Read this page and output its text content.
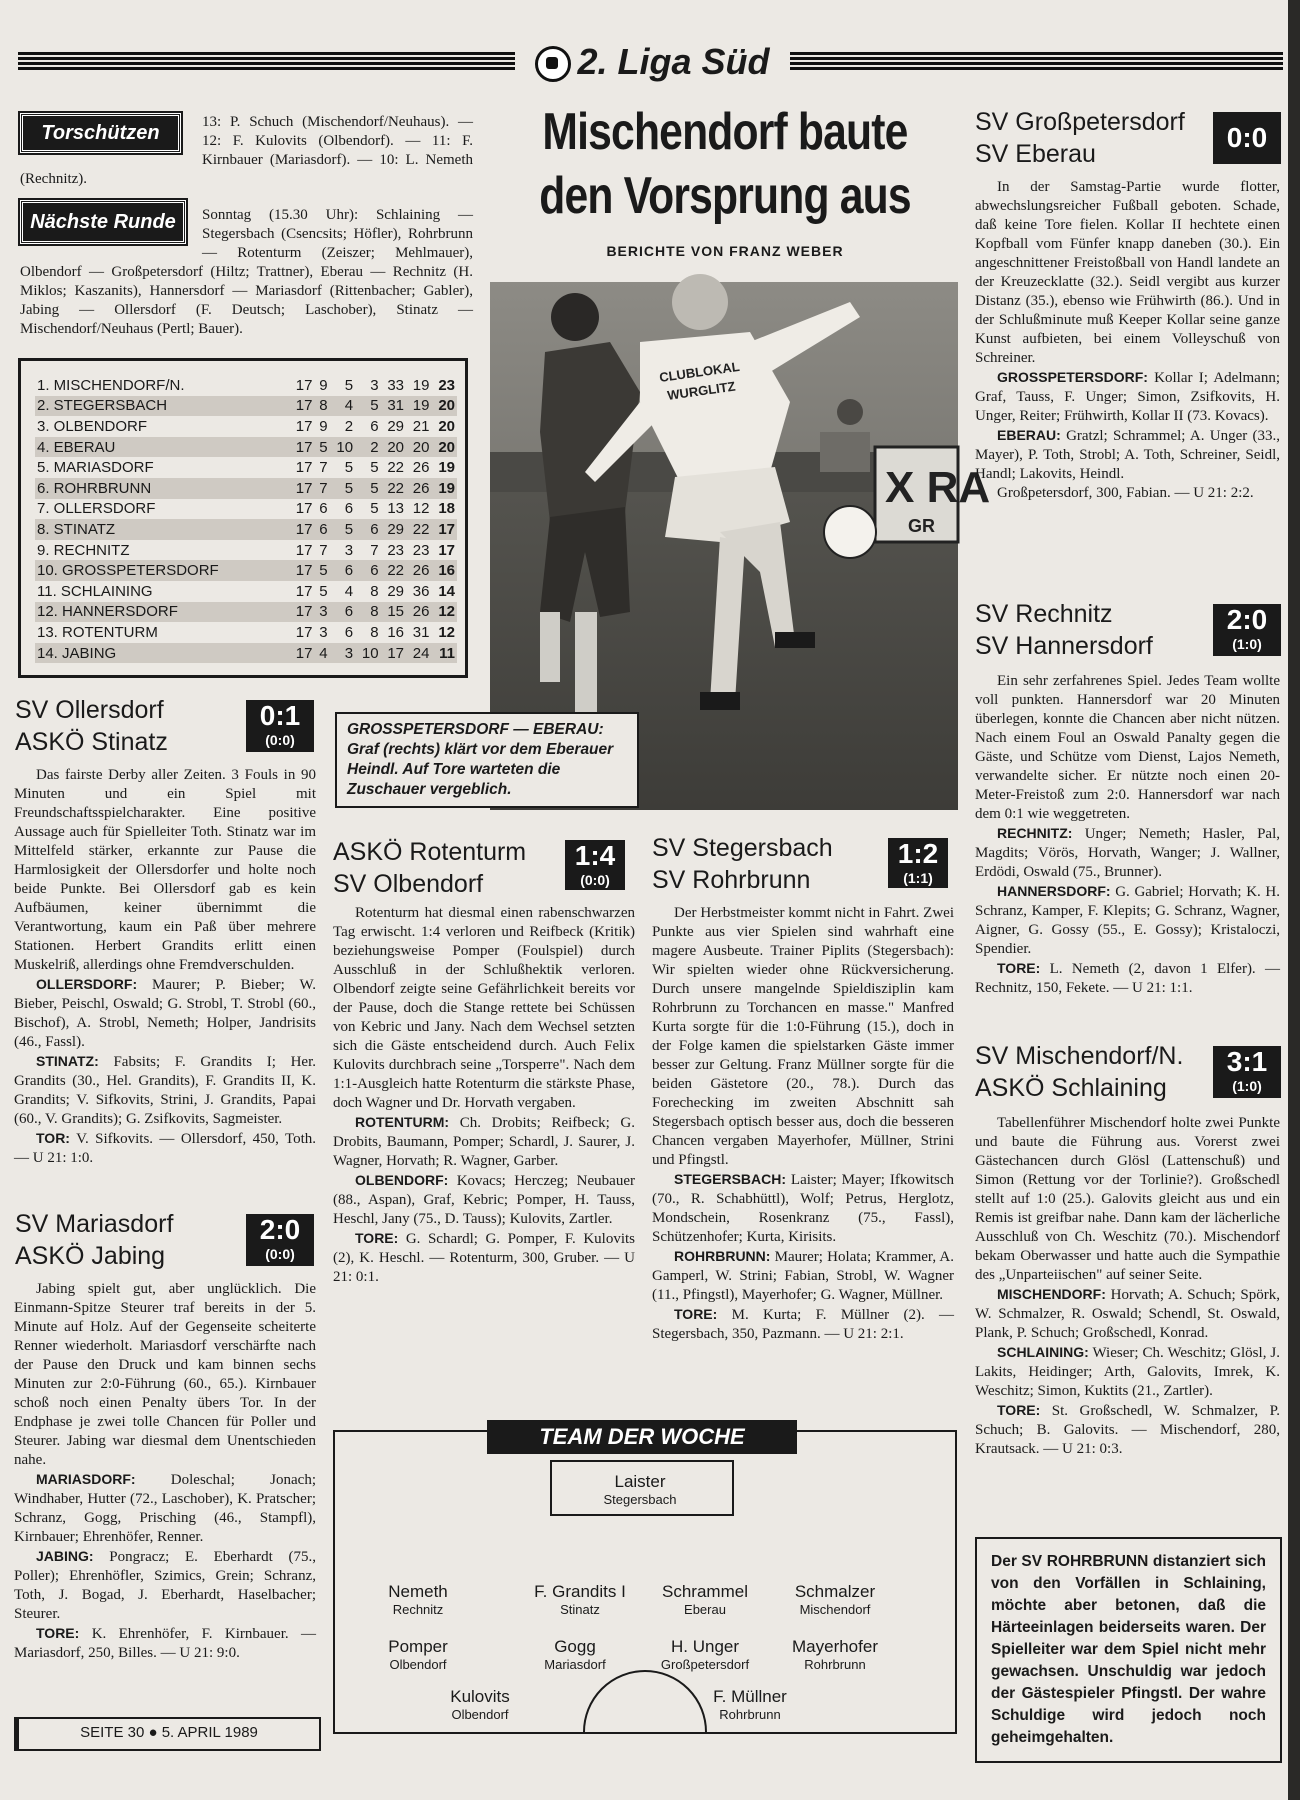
2. Liga Süd
Torschützen	13: P. Schuch (Mischendorf/Neuhaus). — 12: F. Kulovits (Olbendorf). — 11: F. Kirnbauer (Mariasdorf). — 10: L. Nemeth (Rechnitz).
Nächste Runde	Sonntag (15.30 Uhr): Schlaining — Stegersbach (Csencsits; Höfler), Rohrbrunn — Rotenturm (Zeiszer; Mehlmauer), Olbendorf — Großpetersdorf (Hiltz; Trattner), Eberau — Rechnitz (H. Miklos; Kaszanits), Hannersdorf — Mariasdorf (Rittenbacher; Gabler), Jabing — Ollersdorf (F. Deutsch; Laschober), Stinatz — Mischendorf/Neuhaus (Pertl; Bauer).
1. MISCHENDORF/N.	17	9	5	3	33	19	23
2. STEGERSBACH	17	8	4	5	31	19	20
3. OLBENDORF	17	9	2	6	29	21	20
4. EBERAU	17	5	10	2	20	20	20
5. MARIASDORF	17	7	5	5	22	26	19
6. ROHRBRUNN	17	7	5	5	22	26	19
7. OLLERSDORF	17	6	6	5	13	12	18
8. STINATZ	17	6	5	6	29	22	17
9. RECHNITZ	17	7	3	7	23	23	17
10. GROSSPETERSDORF	17	5	6	6	22	26	16
11. SCHLAINING	17	5	4	8	29	36	14
12. HANNERSDORF	17	3	6	8	15	26	12
13. ROTENTURM	17	3	6	8	16	31	12
14. JABING	17	4	3	10	17	24	11
Mischendorf baute den Vorsprung aus
BERICHTE VON FRANZ WEBER
X RA
GR
CLUBLOKAL
WURGLITZ
GROSSPETERSDORF — EBERAU: Graf (rechts) klärt vor dem Eberauer Heindl. Auf Tore warteten die Zuschauer vergeblich.
SV Ollersdorf
ASKÖ Stinatz
0:1
(0:0)

Das fairste Derby aller Zeiten. 3 Fouls in 90 Minuten und ein Spiel mit Freundschaftsspielcharakter. Eine positive Aussage auch für Spielleiter Toth. Stinatz war im Mittelfeld stärker, erkannte zur Pause die Harmlosigkeit der Ollersdorfer und holte noch beide Punkte. Bei Ollersdorf gab es kein Aufbäumen, keiner übernimmt die Verantwortung, kaum ein Paß über mehrere Stationen. Herbert Grandits erlitt einen Muskelriß, allerdings ohne Fremdverschulden.

OLLERSDORF: Maurer; P. Bieber; W. Bieber, Peischl, Oswald; G. Strobl, T. Strobl (60., Bischof), A. Strobl, Nemeth; Holper, Jandrisits (46., Fassl).

STINATZ: Fabsits; F. Grandits I; Her. Grandits (30., Hel. Grandits), F. Grandits II, K. Grandits; V. Sifkovits, Strini, J. Grandits, Papai (60., V. Grandits); G. Zsifkovits, Sagmeister.

TOR: V. Sifkovits. — Ollersdorf, 450, Toth. — U 21: 1:0.

SV Mariasdorf
ASKÖ Jabing
2:0
(0:0)

Jabing spielt gut, aber unglücklich. Die Einmann-Spitze Steurer traf bereits in der 5. Minute auf Holz. Auf der Gegenseite scheiterte Renner wiederholt. Mariasdorf verschärfte nach der Pause den Druck und kam binnen sechs Minuten zur 2:0-Führung (60., 65.). Kirnbauer schoß noch einen Penalty übers Tor. In der Endphase je zwei tolle Chancen für Poller und Steurer. Jabing war diesmal dem Unentschieden nahe.

MARIASDORF: Doleschal; Jonach; Windhaber, Hutter (72., Laschober), K. Pratscher; Schranz, Gogg, Prisching (46., Stampfl), Kirnbauer; Ehrenhöfer, Renner.

JABING: Pongracz; E. Eberhardt (75., Poller); Ehrenhöfler, Szimics, Grein; Schranz, Toth, J. Bogad, J. Eberhardt, Haselbacher; Steurer.

TORE: K. Ehrenhöfer, F. Kirnbauer. — Mariasdorf, 250, Billes. — U 21: 9:0.

SEITE 30 ● 5. APRIL 1989
ASKÖ Rotenturm
SV Olbendorf
1:4
(0:0)

Rotenturm hat diesmal einen rabenschwarzen Tag erwischt. 1:4 verloren und Reifbeck (Kritik) beziehungsweise Pomper (Foulspiel) durch Ausschluß in der Schlußhektik verloren. Olbendorf zeigte seine Gefährlichkeit bereits vor der Pause, doch die Stange rettete bei Schüssen von Kebric und Jany. Nach dem Wechsel setzten sich die Gäste entscheidend durch. Auch Felix Kulovits durchbrach seine „Torsperre". Nach dem 1:1-Ausgleich hatte Rotenturm die stärkste Phase, doch Wagner und Dr. Horvath vergaben.

ROTENTURM: Ch. Drobits; Reifbeck; G. Drobits, Baumann, Pomper; Schardl, J. Saurer, J. Wagner, Horvath; R. Wagner, Garber.

OLBENDORF: Kovacs; Herczeg; Neubauer (88., Aspan), Graf, Kebric; Pomper, H. Tauss, Heschl, Jany (75., D. Tauss); Kulovits, Zartler.

TORE: G. Schardl; G. Pomper, F. Kulovits (2), K. Heschl. — Rotenturm, 300, Gruber. — U 21: 0:1.

SV Stegersbach
SV Rohrbrunn
1:2
(1:1)

Der Herbstmeister kommt nicht in Fahrt. Zwei Punkte aus vier Spielen sind wahrhaft eine magere Ausbeute. Trainer Piplits (Stegersbach): Wir spielten wieder ohne Rückversicherung. Durch unsere mangelnde Spieldisziplin kam Rohrbrunn zu Torchancen en masse." Manfred Kurta sorgte für die 1:0-Führung (15.), doch in der Folge kamen die spielstarken Gäste immer besser zur Geltung. Franz Müllner sorgte für die beiden Gästetore (20., 78.). Durch das Forechecking im zweiten Abschnitt sah Stegersbach optisch besser aus, doch die besseren Chancen vergaben Mayerhofer, Müllner, Strini und Pfingstl.

STEGERSBACH: Laister; Mayer; Ifkowitsch (70., R. Schabhüttl), Wolf; Petrus, Herglotz, Mondschein, Rosenkranz (75., Fassl), Schützenhofer; Kurta, Kirisits.

ROHRBRUNN: Maurer; Holata; Krammer, A. Gamperl, W. Strini; Fabian, Strobl, W. Wagner (11., Pfingstl), Mayerhofer; G. Wagner, Müllner.

TORE: M. Kurta; F. Müllner (2). — Stegersbach, 350, Pazmann. — U 21: 2:1.

TEAM DER WOCHE
Laister
Stegersbach
Nemeth
Rechnitz
F. Grandits I
Stinatz
Schrammel
Eberau
Schmalzer
Mischendorf
Pomper
Olbendorf
Gogg
Mariasdorf
H. Unger
Großpetersdorf
Mayerhofer
Rohrbrunn
Kulovits
Olbendorf
F. Müllner
Rohrbrunn
SV Großpetersdorf
SV Eberau
0:0

In der Samstag-Partie wurde flotter, abwechslungsreicher Fußball geboten. Schade, daß keine Tore fielen. Kollar II hechtete einen Kopfball vom Fünfer knapp daneben (30.). Ein angeschnittener Freistoßball von Handl landete an der Kreuzecklatte (32.). Seidl vergibt aus kurzer Distanz (35.), ebenso wie Frühwirth (86.). Und in der Schlußminute muß Keeper Kollar seine ganze Kunst aufbieten, bei einem Volleyschuß von Schreiner.

GROSSPETERSDORF: Kollar I; Adelmann; Graf, Tauss, F. Unger; Simon, Zsifkovits, H. Unger, Reiter; Frühwirth, Kollar II (73. Kovacs).

EBERAU: Gratzl; Schrammel; A. Unger (33., Mayer), P. Toth, Strobl; A. Toth, Schreiner, Seidl, Handl; Lakovits, Heindl.

Großpetersdorf, 300, Fabian. — U 21: 2:2.

SV Rechnitz
SV Hannersdorf
2:0
(1:0)

Ein sehr zerfahrenes Spiel. Jedes Team wollte voll punkten. Hannersdorf war 20 Minuten überlegen, konnte die Chancen aber nicht nützen. Nach einem Foul an Oswald Panalty gegen die Gäste, und Schütze vom Dienst, Lajos Nemeth, verwandelte sicher. Er nützte noch einen 20-Meter-Freistoß zum 2:0. Hannersdorf war nach dem 0:1 wie weggetreten.

RECHNITZ: Unger; Nemeth; Hasler, Pal, Magdits; Vörös, Horvath, Wanger; J. Wallner, Erdödi, Oswald (75., Brunner).

HANNERSDORF: G. Gabriel; Horvath; K. H. Schranz, Kamper, F. Klepits; G. Schranz, Wagner, Aigner, G. Gossy (55., E. Gossy); Kristaloczi, Spendier.

TORE: L. Nemeth (2, davon 1 Elfer). — Rechnitz, 150, Fekete. — U 21: 1:1.

SV Mischendorf/N.
ASKÖ Schlaining
3:1
(1:0)

Tabellenführer Mischendorf holte zwei Punkte und baute die Führung aus. Vorerst zwei Gästechancen durch Glösl (Lattenschuß) und Simon (Rettung vor der Torlinie?). Großschedl stellt auf 1:0 (25.). Galovits gleicht aus und ein Remis ist greifbar nahe. Dann kam der lächerliche Ausschluß von Ch. Weschitz (70.). Mischendorf bekam Oberwasser und hatte auch die Sympathie des „Unparteiischen" auf seiner Seite.

MISCHENDORF: Horvath; A. Schuch; Spörk, W. Schmalzer, R. Oswald; Schendl, St. Oswald, Plank, P. Schuch; Großschedl, Konrad.

SCHLAINING: Wieser; Ch. Weschitz; Glösl, J. Lakits, Heidinger; Arth, Galovits, Imrek, K. Weschitz; Simon, Kuktits (21., Zartler).

TORE: St. Großschedl, W. Schmalzer, P. Schuch; B. Galovits. — Mischendorf, 280, Krautsack. — U 21: 0:3.

Der SV ROHRBRUNN distanziert sich von den Vorfällen in Schlaining, möchte aber betonen, daß die Härteeinlagen beiderseits waren. Der Spielleiter war dem Spiel nicht mehr gewachsen. Unschuldig war jedoch der Gästespieler Pfingstl. Der wahre Schuldige wird jedoch noch geheimgehalten.
